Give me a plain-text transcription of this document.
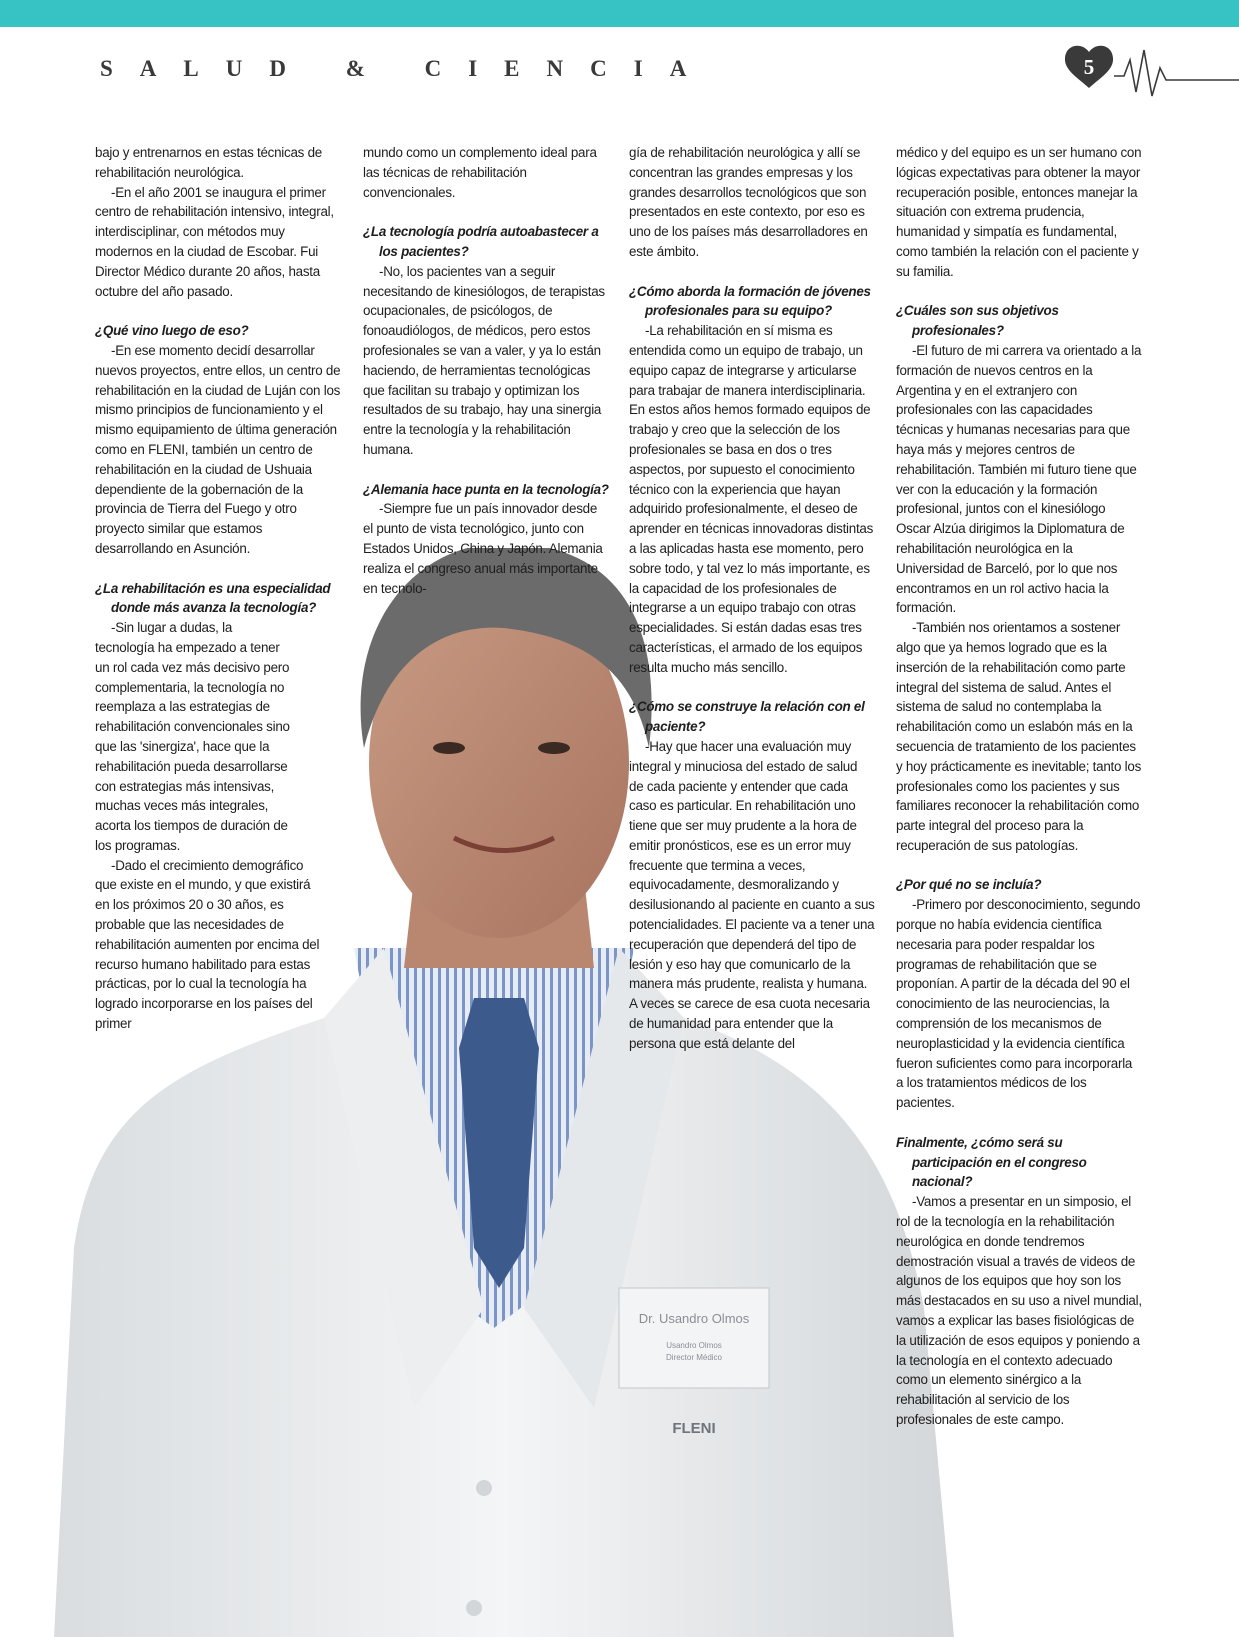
SALUD & CIENCIA	5
Dr. Usandro Olmos
Usandro Olmos
Director Médico
FLENI

bajo y entrenarnos en estas técnicas de rehabilitación neurológica.

-En el año 2001 se inaugura el primer centro de rehabilitación intensivo, integral, interdisciplinar, con métodos muy modernos en la ciudad de Escobar. Fui Director Médico durante 20 años, hasta octubre del año pasado.

¿Qué vino luego de eso?

-En ese momento decidí desarrollar nuevos proyectos, entre ellos, un centro de rehabilitación en la ciudad de Luján con los mismo principios de funcionamiento y el mismo equipamiento de última generación como en FLENI, también un centro de rehabilitación en la ciudad de Ushuaia dependiente de la gobernación de la provincia de Tierra del Fuego y otro proyecto similar que estamos desarrollando en Asunción.

¿La rehabilitación es una especialidad donde más avanza la tecnología?

-Sin lugar a dudas, la tecnología ha empezado a tener un rol cada vez más decisivo pero complementaria, la tecnología no reemplaza a las estrategias de rehabilitación convencionales sino que las 'sinergiza', hace que la rehabilitación pueda desarrollarse con estrategias más intensivas, muchas veces más integrales, acorta los tiempos de duración de los programas.

-Dado el crecimiento demográfico que existe en el mundo, y que existirá en los próximos 20 o 30 años, es probable que las necesidades de rehabilitación aumenten por encima del recurso humano habilitado para estas prácticas, por lo cual la tecnología ha logrado incorporarse en los países del primer

mundo como un complemento ideal para las técnicas de rehabilitación convencionales.

¿La tecnología podría autoabastecer a los pacientes?

-No, los pacientes van a seguir necesitando de kinesiólogos, de terapistas ocupacionales, de psicólogos, de fonoaudiólogos, de médicos, pero estos profesionales se van a valer, y ya lo están haciendo, de herramientas tecnológicas que facilitan su trabajo y optimizan los resultados de su trabajo, hay una sinergia entre la tecnología y la rehabilitación humana.

¿Alemania hace punta en la tecnología?

-Siempre fue un país innovador desde el punto de vista tecnológico, junto con Estados Unidos, China y Japón. Alemania realiza el congreso anual más importante en tecnolo-

gía de rehabilitación neurológica y allí se concentran las grandes empresas y los grandes desarrollos tecnológicos que son presentados en este contexto, por eso es uno de los países más desarrolladores en este ámbito.

¿Cómo aborda la formación de jóvenes profesionales para su equipo?

-La rehabilitación en sí misma es entendida como un equipo de trabajo, un equipo capaz de integrarse y articularse para trabajar de manera interdisciplinaria. En estos años hemos formado equipos de trabajo y creo que la selección de los profesionales se basa en dos o tres aspectos, por supuesto el conocimiento técnico con la experiencia que hayan adquirido profesionalmente, el deseo de aprender en técnicas innovadoras distintas a las aplicadas hasta ese momento, pero sobre todo, y tal vez lo más importante, es la capacidad de los profesionales de integrarse a un equipo trabajo con otras especialidades. Si están dadas esas tres características, el armado de los equipos resulta mucho más sencillo.

¿Cómo se construye la relación con el paciente?

-Hay que hacer una evaluación muy integral y minuciosa del estado de salud de cada paciente y entender que cada caso es particular. En rehabilitación uno tiene que ser muy prudente a la hora de emitir pronósticos, ese es un error muy frecuente que termina a veces, equivocadamente, desmoralizando y desilusionando al paciente en cuanto a sus potencialidades. El paciente va a tener una recuperación que dependerá del tipo de lesión y eso hay que comunicarlo de la manera más prudente, realista y humana. A veces se carece de esa cuota necesaria de humanidad para entender que la persona que está delante del

médico y del equipo es un ser humano con lógicas expectativas para obtener la mayor recuperación posible, entonces manejar la situación con extrema prudencia, humanidad y simpatía es fundamental, como también la relación con el paciente y su familia.

¿Cuáles son sus objetivos profesionales?

-El futuro de mi carrera va orientado a la formación de nuevos centros en la Argentina y en el extranjero con profesionales con las capacidades técnicas y humanas necesarias para que haya más y mejores centros de rehabilitación. También mi futuro tiene que ver con la educación y la formación profesional, juntos con el kinesiólogo Oscar Alzúa dirigimos la Diplomatura de rehabilitación neurológica en la Universidad de Barceló, por lo que nos encontramos en un rol activo hacia la formación.

-También nos orientamos a sostener algo que ya hemos logrado que es la inserción de la rehabilitación como parte integral del sistema de salud. Antes el sistema de salud no contemplaba la rehabilitación como un eslabón más en la secuencia de tratamiento de los pacientes y hoy prácticamente es inevitable; tanto los profesionales como los pacientes y sus familiares reconocer la rehabilitación como parte integral del proceso para la recuperación de sus patologías.

¿Por qué no se incluía?

-Primero por desconocimiento, segundo porque no había evidencia científica necesaria para poder respaldar los programas de rehabilitación que se proponían. A partir de la década del 90 el conocimiento de las neurociencias, la comprensión de los mecanismos de neuroplasticidad y la evidencia científica fueron suficientes como para incorporarla a los tratamientos médicos de los pacientes.

Finalmente, ¿cómo será su participación en el congreso nacional?

-Vamos a presentar en un simposio, el rol de la tecnología en la rehabilitación neurológica en donde tendremos demostración visual a través de videos de algunos de los equipos que hoy son los más destacados en su uso a nivel mundial, vamos a explicar las bases fisiológicas de la utilización de esos equipos y poniendo a la tecnología en el contexto adecuado como un elemento sinérgico a la rehabilitación al servicio de los profesionales de este campo.
